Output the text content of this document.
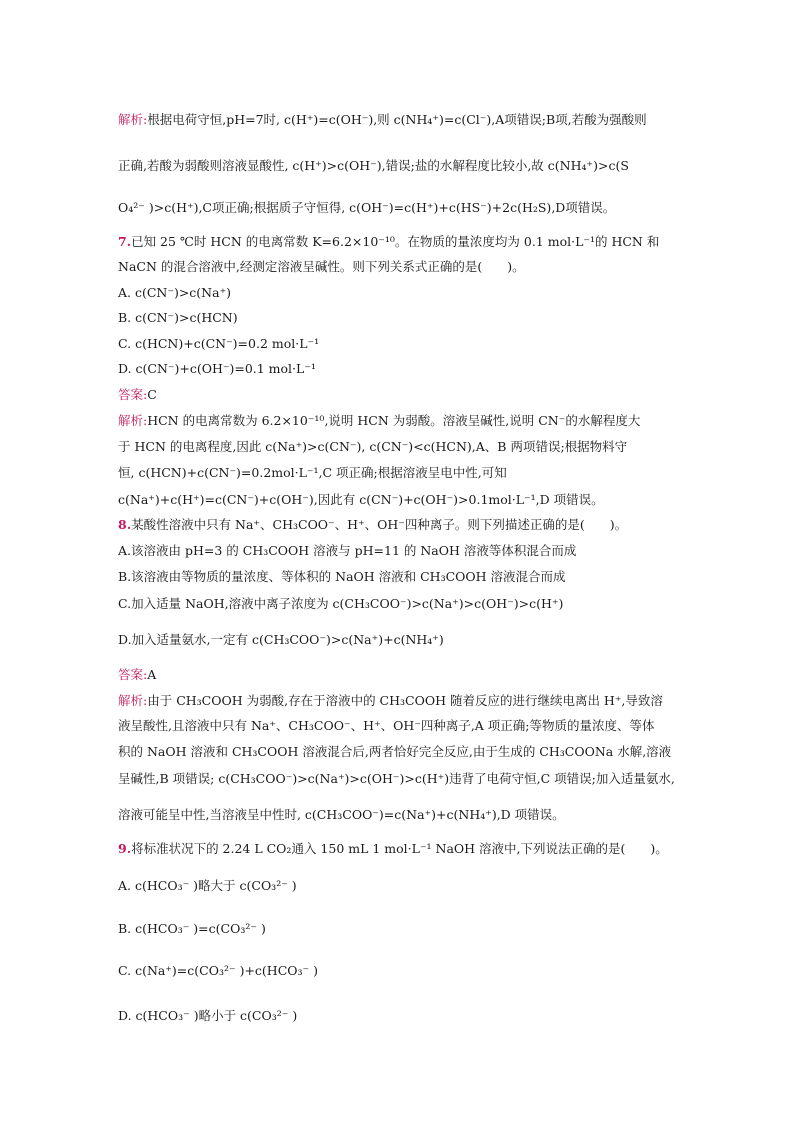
解析:根据电荷守恒,pH=7时, c(H⁺)=c(OH⁻),则 c(NH₄⁺)=c(Cl⁻),A项错误;B项,若酸为强酸则
正确,若酸为弱酸则溶液显酸性, c(H⁺)>c(OH⁻),错误;盐的水解程度比较小,故 c(NH₄⁺)>c(S
O₄²⁻ )>c(H⁺),C项正确;根据质子守恒得, c(OH⁻)=c(H⁺)+c(HS⁻)+2c(H₂S),D项错误。
7.已知 25 ℃时 HCN 的电离常数 K=6.2×10⁻¹⁰。在物质的量浓度均为 0.1 mol·L⁻¹的 HCN 和
NaCN 的混合溶液中,经测定溶液呈碱性。则下列关系式正确的是(　　)。
A. c(CN⁻)>c(Na⁺)
B. c(CN⁻)>c(HCN)
C. c(HCN)+c(CN⁻)=0.2 mol·L⁻¹
D. c(CN⁻)+c(OH⁻)=0.1 mol·L⁻¹
答案:C
解析:HCN 的电离常数为 6.2×10⁻¹⁰,说明 HCN 为弱酸。溶液呈碱性,说明 CN⁻的水解程度大
于 HCN 的电离程度,因此 c(Na⁺)>c(CN⁻), c(CN⁻)<c(HCN),A、B 两项错误;根据物料守
恒, c(HCN)+c(CN⁻)=0.2mol·L⁻¹,C 项正确;根据溶液呈电中性,可知
c(Na⁺)+c(H⁺)=c(CN⁻)+c(OH⁻),因此有 c(CN⁻)+c(OH⁻)>0.1mol·L⁻¹,D 项错误。
8.某酸性溶液中只有 Na⁺、CH₃COO⁻、H⁺、OH⁻四种离子。则下列描述正确的是(　　)。
A.该溶液由 pH=3 的 CH₃COOH 溶液与 pH=11 的 NaOH 溶液等体积混合而成
B.该溶液由等物质的量浓度、等体积的 NaOH 溶液和 CH₃COOH 溶液混合而成
C.加入适量 NaOH,溶液中离子浓度为 c(CH₃COO⁻)>c(Na⁺)>c(OH⁻)>c(H⁺)
D.加入适量氨水,一定有 c(CH₃COO⁻)>c(Na⁺)+c(NH₄⁺)
答案:A
解析:由于 CH₃COOH 为弱酸,存在于溶液中的 CH₃COOH 随着反应的进行继续电离出 H⁺,导致溶
液呈酸性,且溶液中只有 Na⁺、CH₃COO⁻、H⁺、OH⁻四种离子,A 项正确;等物质的量浓度、等体
积的 NaOH 溶液和 CH₃COOH 溶液混合后,两者恰好完全反应,由于生成的 CH₃COONa 水解,溶液
呈碱性,B 项错误; c(CH₃COO⁻)>c(Na⁺)>c(OH⁻)>c(H⁺)违背了电荷守恒,C 项错误;加入适量氨水,
溶液可能呈中性,当溶液呈中性时, c(CH₃COO⁻)=c(Na⁺)+c(NH₄⁺),D 项错误。
9.将标准状况下的 2.24 L CO₂通入 150 mL 1 mol·L⁻¹ NaOH 溶液中,下列说法正确的是(　　)。
A. c(HCO₃⁻ )略大于 c(CO₃²⁻ )
B. c(HCO₃⁻ )=c(CO₃²⁻ )
C. c(Na⁺)=c(CO₃²⁻ )+c(HCO₃⁻ )
D. c(HCO₃⁻ )略小于 c(CO₃²⁻ )
